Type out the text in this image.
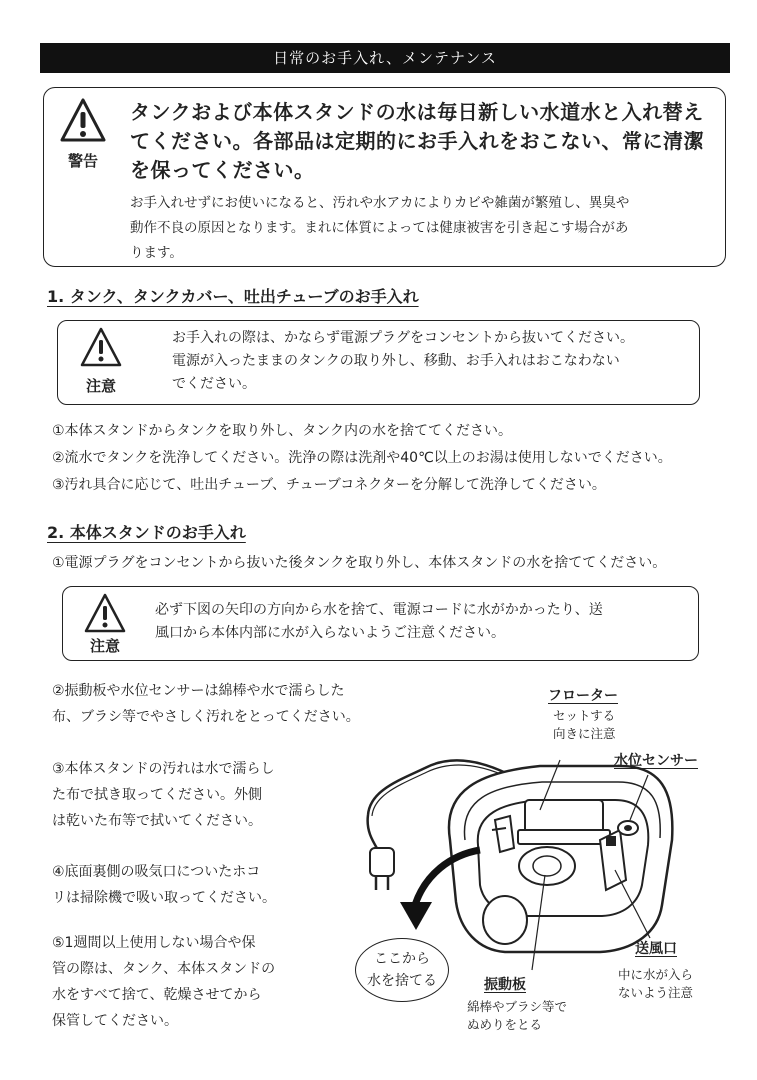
日常のお手入れ、メンテナンス
警告
タンクおよび本体スタンドの水は毎日新しい水道水と入れ替え
てください。各部品は定期的にお手入れをおこない、常に清潔
を保ってください。
お手入れせずにお使いになると、汚れや水アカによりカビや雑菌が繁殖し、異臭や
動作不良の原因となります。まれに体質によっては健康被害を引き起こす場合があ
ります。
1. タンク、タンクカバー、吐出チューブのお手入れ
注意
お手入れの際は、かならず電源プラグをコンセントから抜いてください。
電源が入ったままのタンクの取り外し、移動、お手入れはおこなわない
でください。
①本体スタンドからタンクを取り外し、タンク内の水を捨ててください。
②流水でタンクを洗浄してください。洗浄の際は洗剤や40℃以上のお湯は使用しないでください。
③汚れ具合に応じて、吐出チューブ、チューブコネクターを分解して洗浄してください。
2. 本体スタンドのお手入れ
①電源プラグをコンセントから抜いた後タンクを取り外し、本体スタンドの水を捨ててください。
注意
必ず下図の矢印の方向から水を捨て、電源コードに水がかかったり、送
風口から本体内部に水が入らないようご注意ください。
②振動板や水位センサーは綿棒や水で濡らした
布、ブラシ等でやさしく汚れをとってください。
③本体スタンドの汚れは水で濡らし
た布で拭き取ってください。外側
は乾いた布等で拭いてください。
④底面裏側の吸気口についたホコ
リは掃除機で吸い取ってください。
⑤1週間以上使用しない場合や保
管の際は、タンク、本体スタンドの
水をすべて捨て、乾燥させてから
保管してください。
ここから
水を捨てる
フローター
セットする
向きに注意
水位センサー
送風口
中に水が入ら
ないよう注意
振動板
綿棒やブラシ等で
ぬめりをとる
